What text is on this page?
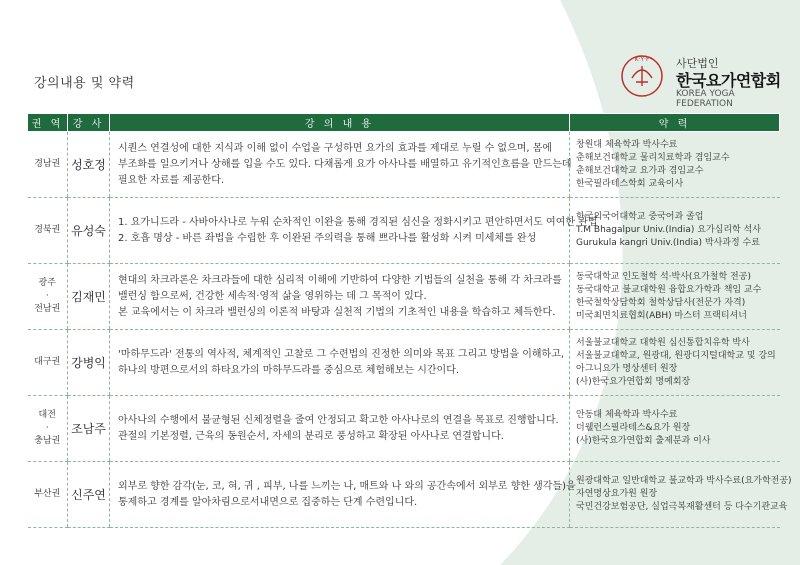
강의내용 및 약력
K·Y·F 사단법인
한국요가연합회
KOREA YOGA FEDERATION
권 역	강 사	강 의 내 용	약 력

경남권	성호정	시퀀스 연결성에 대한 지식과 이해 없이 수업을 구성하면 요가의 효과를 제대로 누릴 수 없으며, 몸에
부조화를 일으키거나 상해를 입을 수도 있다. 다채롭게 요가 아사나를 배열하고 유기적인흐름을 만드는데
필요한 자료를 제공한다.	창원대 체육학과 박사수료
춘해보건대학교 물리치료학과 겸임교수
춘해보건대학교 요가과 겸임교수
한국필라테스학회 교육이사

경북권	유성숙	1. 요가니드라 - 사바아사나로 누워 순차적인 이완을 통해 경직된 심신을 정화시키고 편안하면서도 여여한 관법
2. 호흡 명상 - 바른 좌법을 수립한 후 이완된 주의력을 통해 쁘라나를 활성화 시켜 미세체를 완성	한국외국어대학교 중국어과 졸업
T.M Bhagalpur Univ.(India) 요가심리학 석사
Gurukula kangri Univ.(India) 박사과정 수료

광주
·
전남권	김재민	현대의 차크라론은 차크라들에 대한 심리적 이해에 기반하여 다양한 기법들의 실천을 통해 각 차크라를
밸런싱 함으로써, 건강한 세속적·영적 삶을 영위하는 데 그 목적이 있다.
본 교육에서는 이 차크라 밸런싱의 이론적 바탕과 실천적 기법의 기초적인 내용을 학습하고 체득한다.	동국대학교 인도철학 석·박사(요가철학 전공)
동국대학교 불교대학원 융합요가학과 책임 교수
한국철학상담학회 철학상담사(전문가 자격)
미국최면치료협회(ABH) 마스터 프랙티셔너

대구권	강병익	'마하무드라' 전통의 역사적, 체계적인 고찰로 그 수련법의 진정한 의미와 목표 그리고 방법을 이해하고,
하나의 방편으로서의 하타요가의 마하무드라를 중심으로 체험해보는 시간이다.	서울불교대학교 대학원 심신통합치유학 박사
서울불교대학교, 원광대, 원광디지털대학교 및 강의
아그니요가 명상센터 원장
(사)한국요가연합회 명예회장

대전
·
충남권	조남주	아사나의 수행에서 불균형된 신체정렬을 줄여 안정되고 확고한 아사나로의 연결을 목표로 진행합니다.
관절의 기본정렬, 근육의 동원순서, 자세의 분리로 풍성하고 확장된 아사나로 연결합니다.	안동대 체육학과 박사수료
더웰런스필라테스&요가 원장
(사)한국요가연합회 출제분과 이사

부산권	신주연	외부로 향한 감각(눈, 코, 혀, 귀 , 피부, 나를 느끼는 나, 매트와 나 와의 공간속에서 외부로 향한 생각들)을
통제하고 경계를 알아차림으로서내면으로 집중하는 단계 수련입니다.	원광대학교 일반대학교 불교학과 박사수료(요가학전공)
자연명상요가원 원장
국민건강보험공단, 실업극복재활센터 등 다수기관교육
